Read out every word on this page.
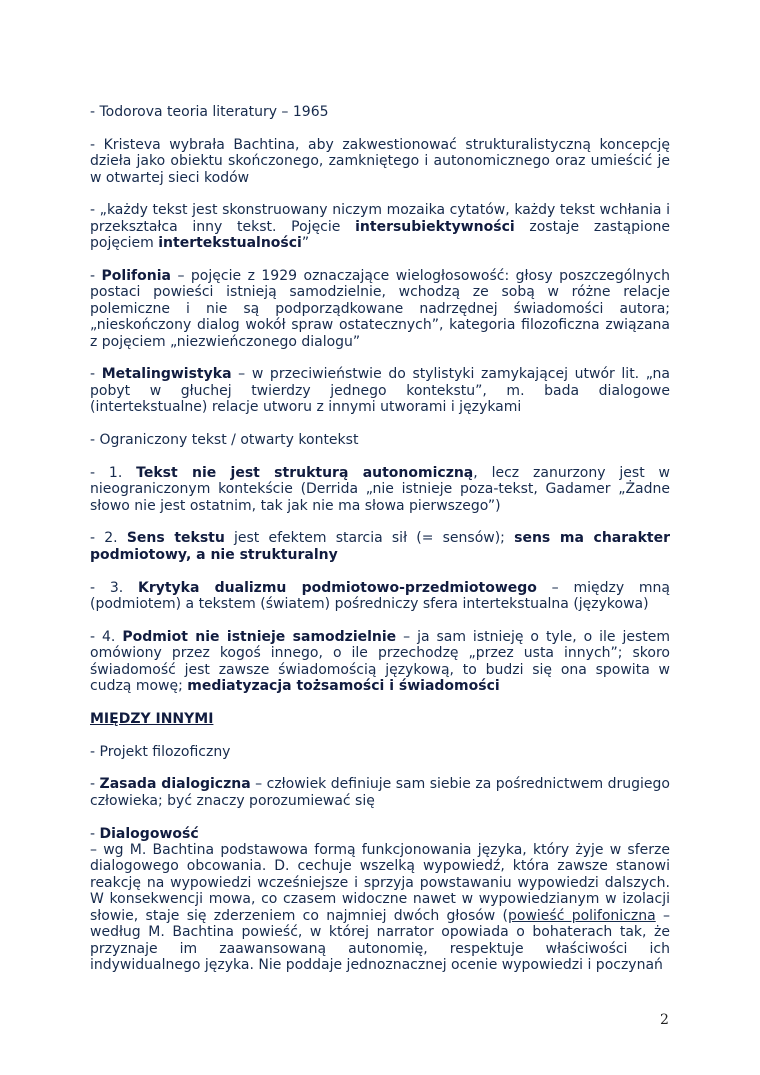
- Todorova teoria literatury – 1965

- Kristeva wybrała Bachtina, aby zakwestionować strukturalistyczną koncepcję dzieła jako obiektu skończonego, zamkniętego i autonomicznego oraz umieścić je w otwartej sieci kodów

- „każdy tekst jest skonstruowany niczym mozaika cytatów, każdy tekst wchłania i przekształca inny tekst. Pojęcie intersubiektywności zostaje zastąpione pojęciem intertekstualności”

- Polifonia – pojęcie z 1929 oznaczające wielogłosowość: głosy poszczególnych postaci powieści istnieją samodzielnie, wchodzą ze sobą w różne relacje polemiczne i nie są podporządkowane nadrzędnej świadomości autora; „nieskończony dialog wokół spraw ostatecznych”, kategoria filozoficzna związana z pojęciem „niezwieńczonego dialogu”

- Metalingwistyka – w przeciwieństwie do stylistyki zamykającej utwór lit. „na pobyt w głuchej twierdzy jednego kontekstu”, m. bada dialogowe (intertekstualne) relacje utworu z innymi utworami i językami

- Ograniczony tekst / otwarty kontekst

- 1. Tekst nie jest strukturą autonomiczną, lecz zanurzony jest w nieograniczonym kontekście (Derrida „nie istnieje poza-tekst, Gadamer „Żadne słowo nie jest ostatnim, tak jak nie ma słowa pierwszego”)

- 2. Sens tekstu jest efektem starcia sił (= sensów); sens ma charakter podmiotowy, a nie strukturalny

- 3. Krytyka dualizmu podmiotowo-przedmiotowego – między mną (podmiotem) a tekstem (światem) pośredniczy sfera intertekstualna (językowa)

- 4. Podmiot nie istnieje samodzielnie – ja sam istnieję o tyle, o ile jestem omówiony przez kogoś innego, o ile przechodzę „przez usta innych”; skoro świadomość jest zawsze świadomością językową, to budzi się ona spowita w cudzą mowę; mediatyzacja tożsamości i świadomości

MIĘDZY INNYMI

- Projekt filozoficzny

- Zasada dialogiczna – człowiek definiuje sam siebie za pośrednictwem drugiego człowieka; być znaczy porozumiewać się

- Dialogowość

– wg M. Bachtina podstawowa formą funkcjonowania języka, który żyje w sferze dialogowego obcowania. D. cechuje wszelką wypowiedź, która zawsze stanowi reakcję na wypowiedzi wcześniejsze i sprzyja powstawaniu wypowiedzi dalszych. W konsekwencji mowa, co czasem widoczne nawet w wypowiedzianym w izolacji słowie, staje się zderzeniem co najmniej dwóch głosów (powieść polifoniczna – według M. Bachtina powieść, w której narrator opowiada o bohaterach tak, że przyznaje im zaawansowaną autonomię, respektuje właściwości ich indywidualnego języka. Nie poddaje jednoznacznej ocenie wypowiedzi i poczynań

2
